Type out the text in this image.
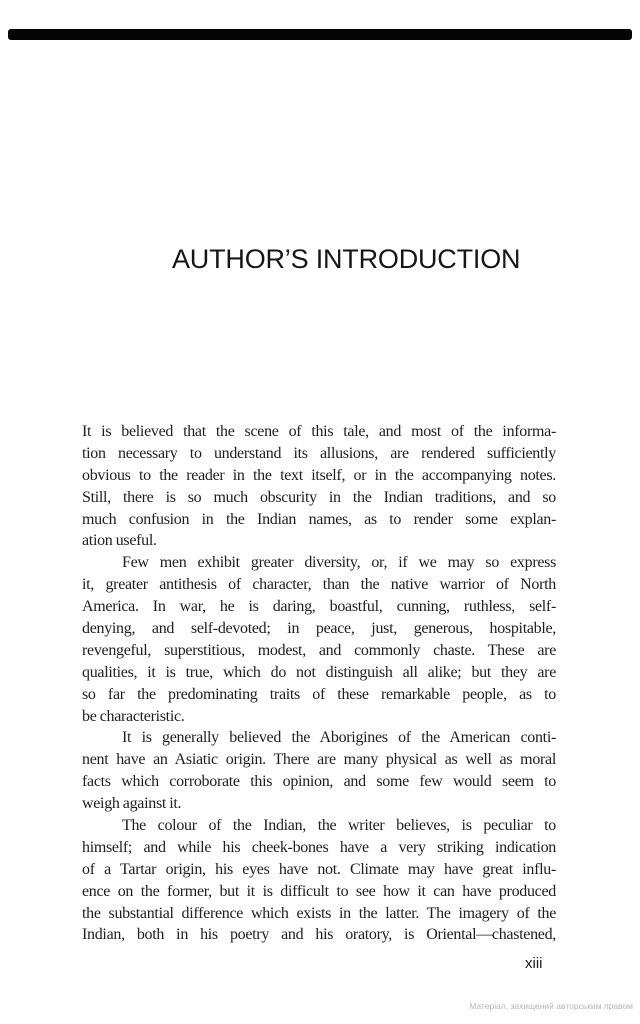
AUTHOR’S INTRODUCTION
It is believed that the scene of this tale, and most of the informa-
tion necessary to understand its allusions, are rendered sufficiently
obvious to the reader in the text itself, or in the accompanying notes.
Still, there is so much obscurity in the Indian traditions, and so
much confusion in the Indian names, as to render some explan-
ation useful.
Few men exhibit greater diversity, or, if we may so express
it, greater antithesis of character, than the native warrior of North
America. In war, he is daring, boastful, cunning, ruthless, self-
denying, and self-devoted; in peace, just, generous, hospitable,
revengeful, superstitious, modest, and commonly chaste. These are
qualities, it is true, which do not distinguish all alike; but they are
so far the predominating traits of these remarkable people, as to
be characteristic.
It is generally believed the Aborigines of the American conti-
nent have an Asiatic origin. There are many physical as well as moral
facts which corroborate this opinion, and some few would seem to
weigh against it.
The colour of the Indian, the writer believes, is peculiar to
himself; and while his cheek-bones have a very striking indication
of a Tartar origin, his eyes have not. Climate may have great influ-
ence on the former, but it is difficult to see how it can have produced
the substantial difference which exists in the latter. The imagery of the
Indian, both in his poetry and his oratory, is Oriental—chastened,
xiii
Матеріал, захищений авторським правом
